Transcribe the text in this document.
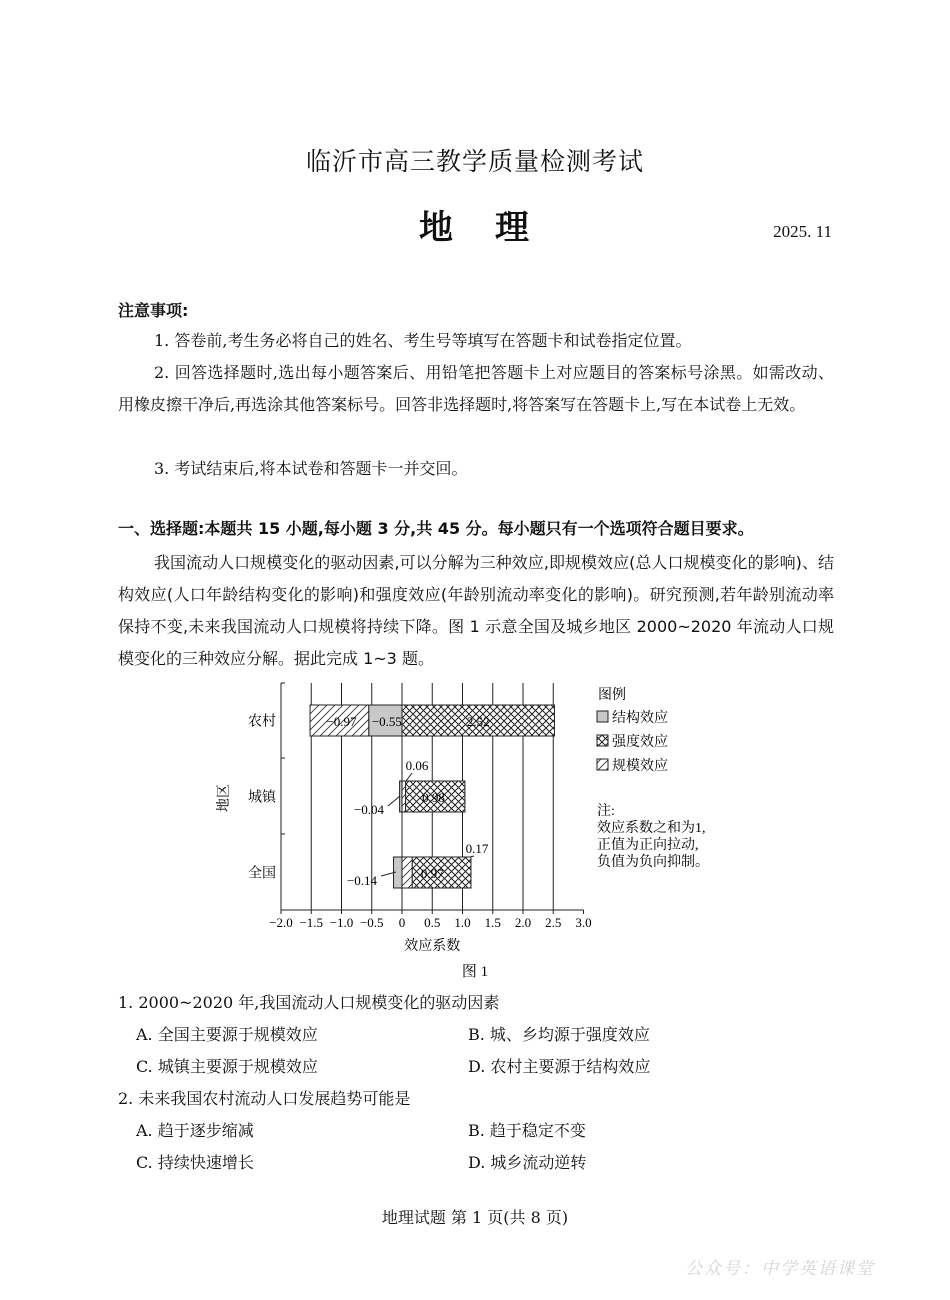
临沂市高三教学质量检测考试
地 理	2025. 11
注意事项:
1. 答卷前,考生务必将自己的姓名、考生号等填写在答题卡和试卷指定位置。
2. 回答选择题时,选出每小题答案后、用铅笔把答题卡上对应题目的答案标号涂黑。如需改动、用橡皮擦干净后,再选涂其他答案标号。回答非选择题时,将答案写在答题卡上,写在本试卷上无效。
3. 考试结束后,将本试卷和答题卡一并交回。
一、选择题:本题共 15 小题,每小题 3 分,共 45 分。每小题只有一个选项符合题目要求。
我国流动人口规模变化的驱动因素,可以分解为三种效应,即规模效应(总人口规模变化的影响)、结构效应(人口年龄结构变化的影响)和强度效应(年龄别流动率变化的影响)。研究预测,若年龄别流动率保持不变,未来我国流动人口规模将持续下降。图 1 示意全国及城乡地区 2000~2020 年流动人口规模变化的三种效应分解。据此完成 1~3 题。
−2.0 −1.5 −1.0 −0.5 0 0.5 1.0 1.5 2.0 2.5 3.0
效应系数
地区
农村
城镇
全国
图 1
−0.97 −0.55	2.52
0.06
−0.04
0.98
0.17
−0.14	0.97
图例
结构效应
强度效应
规模效应
注:
效应系数之和为1,
正值为正向拉动,
负值为负向抑制。
1. 2000~2020 年,我国流动人口规模变化的驱动因素
A. 全国主要源于规模效应	B. 城、乡均源于强度效应
C. 城镇主要源于规模效应	D. 农村主要源于结构效应
2. 未来我国农村流动人口发展趋势可能是
A. 趋于逐步缩减	B. 趋于稳定不变
C. 持续快速增长	D. 城乡流动逆转
地理试题 第 1 页(共 8 页)
公众号：中学英语课堂
